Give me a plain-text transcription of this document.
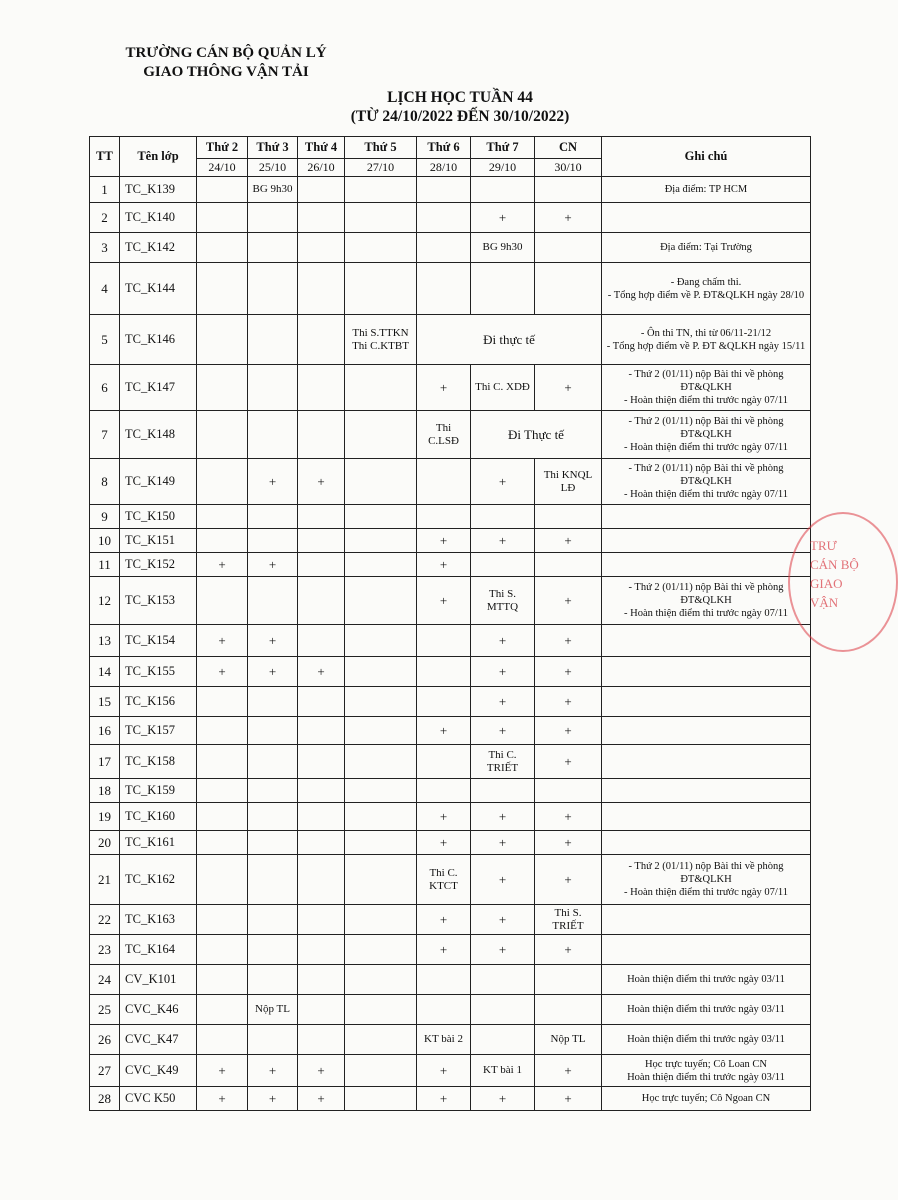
TRƯỜNG CÁN BỘ QUẢN LÝ
GIAO THÔNG VẬN TẢI
LỊCH HỌC TUẦN 44
(TỪ 24/10/2022 ĐẾN 30/10/2022)
TT	Tên lớp	Thứ 2	Thứ 3	Thứ 4	Thứ 5	Thứ 6	Thứ 7	CN	Ghi chú
		24/10	25/10	26/10	27/10	28/10	29/10	30/10	
1	TC_K139		BG 9h30						Địa điểm: TP HCM
2	TC_K140						+	+	
3	TC_K142						BG 9h30		Địa điểm: Tại Trường
4	TC_K144								- Đang chấm thi.
- Tổng hợp điểm về P. ĐT&QLKH ngày 28/10
5	TC_K146				Thi S.TTKN
Thi C.KTBT	Đi thực tế			- Ôn thi TN, thi từ 06/11-21/12
- Tổng hợp điểm về P. ĐT &QLKH ngày 15/11
6	TC_K147					+	Thi C. XDĐ	+	- Thứ 2 (01/11) nộp Bài thi về phòng ĐT&QLKH
- Hoàn thiện điểm thi trước ngày 07/11
7	TC_K148					Thi
C.LSĐ	Đi Thực tế		- Thứ 2 (01/11) nộp Bài thi về phòng ĐT&QLKH
- Hoàn thiện điểm thi trước ngày 07/11
8	TC_K149		+	+			+	Thi KNQL
LĐ	- Thứ 2 (01/11) nộp Bài thi về phòng ĐT&QLKH
- Hoàn thiện điểm thi trước ngày 07/11
9	TC_K150								
10	TC_K151					+	+	+	
11	TC_K152	+	+			+			
12	TC_K153					+	Thi S.
MTTQ	+	- Thứ 2 (01/11) nộp Bài thi về phòng ĐT&QLKH
- Hoàn thiện điểm thi trước ngày 07/11
13	TC_K154	+	+				+	+	
14	TC_K155	+	+	+			+	+	
15	TC_K156						+	+	
16	TC_K157					+	+	+	
17	TC_K158						Thi C.
TRIẾT	+	
18	TC_K159								
19	TC_K160					+	+	+	
20	TC_K161					+	+	+	
21	TC_K162					Thi C.
KTCT	+	+	- Thứ 2 (01/11) nộp Bài thi về phòng ĐT&QLKH
- Hoàn thiện điểm thi trước ngày 07/11
22	TC_K163					+	+	Thi S.
TRIẾT	
23	TC_K164					+	+	+	
24	CV_K101								Hoàn thiện điểm thi trước ngày 03/11
25	CVC_K46		Nộp TL						Hoàn thiện điểm thi trước ngày 03/11
26	CVC_K47					KT bài 2		Nộp TL	Hoàn thiện điểm thi trước ngày 03/11
27	CVC_K49	+	+	+		+	KT bài 1	+	Học trực tuyến; Cô Loan CN
Hoàn thiện điểm thi trước ngày 03/11
28	CVC K50	+	+	+		+	+	+	Học trực tuyến; Cô Ngoan CN
TRƯ
CÁN BỘ
GIAO
VẬN
